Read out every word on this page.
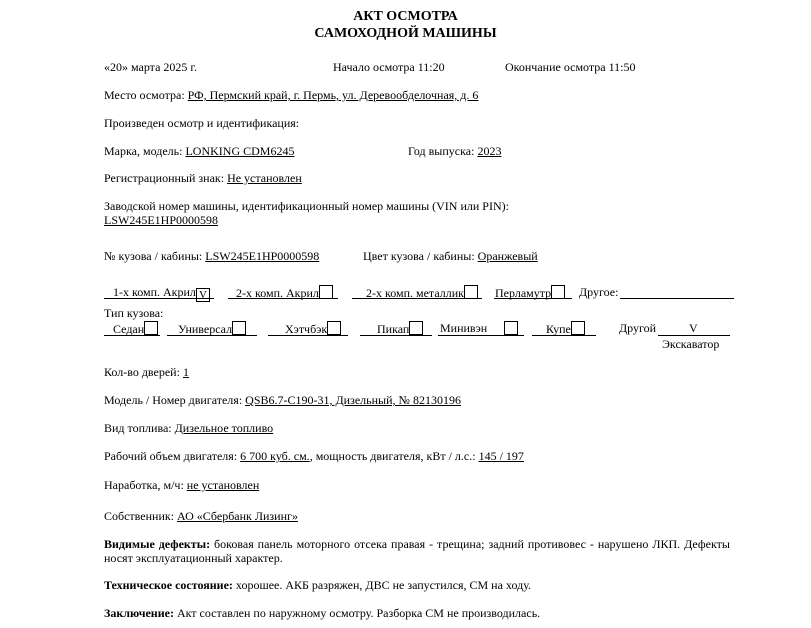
АКТ ОСМОТРА
САМОХОДНОЙ МАШИНЫ
«20» марта 2025 г.	Начало осмотра 11:20	Окончание осмотра 11:50
Место осмотра: РФ, Пермский край, г. Пермь, ул. Деревообделочная, д. 6
Произведен осмотр и идентификация:
Марка, модель: LONKING CDM6245	Год выпуска: 2023
Регистрационный знак: Не установлен
Заводской номер машины, идентификационный номер машины (VIN или PIN):
LSW245E1HP0000598
№ кузова / кабины: LSW245E1HP0000598	Цвет кузова / кабины: Оранжевый
1-х комп. Акрил V 2-х комп. Акрил	2-х комп. металлик	Перламутр	Другое:
Тип кузова:
Седан	Универсал	Хэтчбэк	Пикап	Минивэн	Купе	Другой	V
Экскаватор
Кол-во дверей: 1
Модель / Номер двигателя: QSB6.7-C190-31, Дизельный, № 82130196
Вид топлива: Дизельное топливо
Рабочий объем двигателя: 6 700 куб. см., мощность двигателя, кВт / л.с.: 145 / 197
Наработка, м/ч: не установлен
Собственник: АО «Сбербанк Лизинг»
Видимые дефекты: боковая панель моторного отсека правая - трещина; задний противовес - нарушено ЛКП. Дефекты носят эксплуатационный характер.
Техническое состояние: хорошее. АКБ разряжен, ДВС не запустился, СМ на ходу.
Заключение: Акт составлен по наружному осмотру. Разборка СМ не производилась.
